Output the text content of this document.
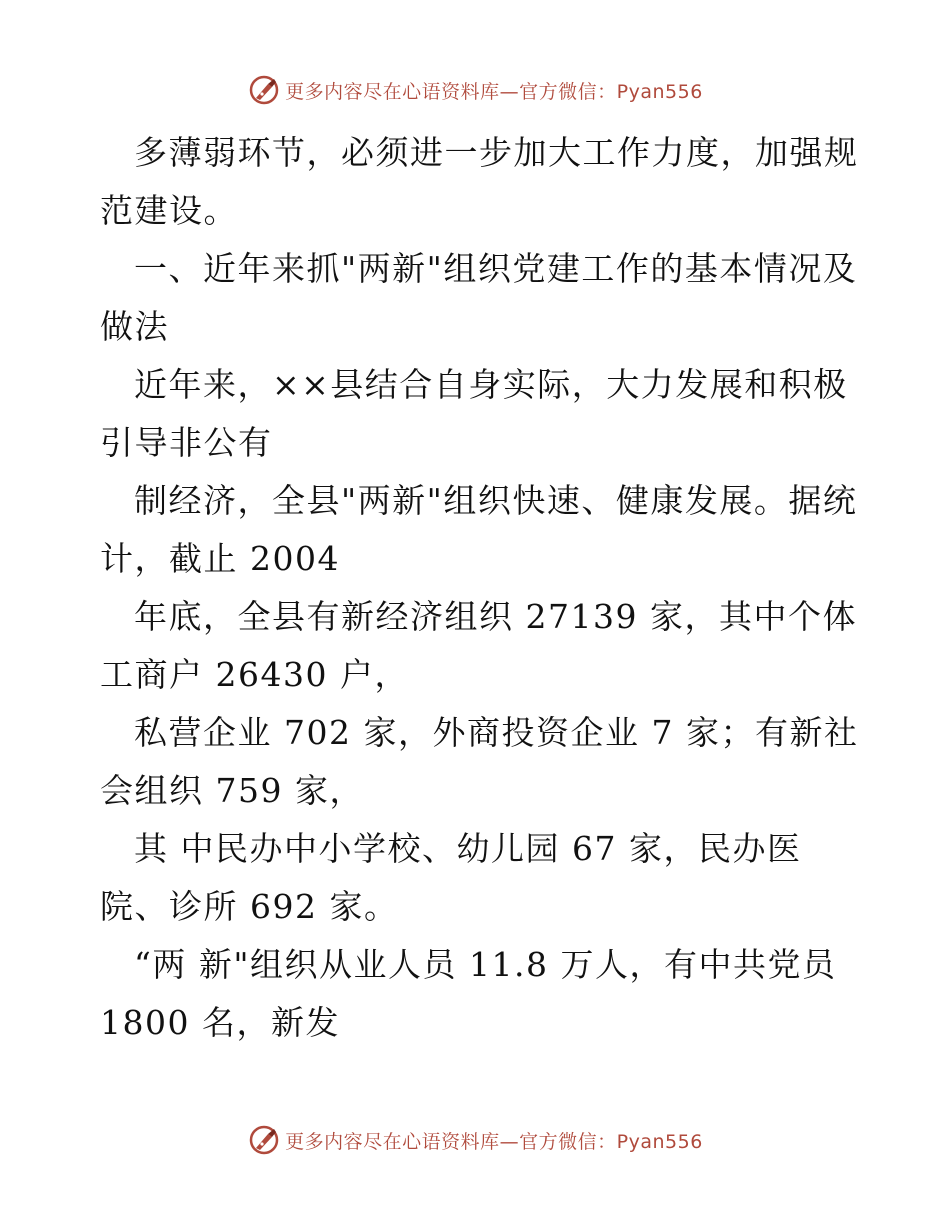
更多内容尽在心语资料库—官方微信：Pyan556
多薄弱环节，必须进一步加大工作力度，加强规
范建设。
一、近年来抓"两新"组织党建工作的基本情况及
做法
近年来，××县结合自身实际，大力发展和积极
引导非公有
制经济，全县"两新"组织快速、健康发展。据统
计，截止 2004
年底，全县有新经济组织 27139 家，其中个体
工商户 26430 户，
私营企业 702 家，外商投资企业 7 家；有新社
会组织 759 家，
其 中民办中小学校、幼儿园 67 家，民办医
院、诊所 692 家。
“两 新"组织从业人员 11.8 万人，有中共党员
1800 名，新发
更多内容尽在心语资料库—官方微信：Pyan556
